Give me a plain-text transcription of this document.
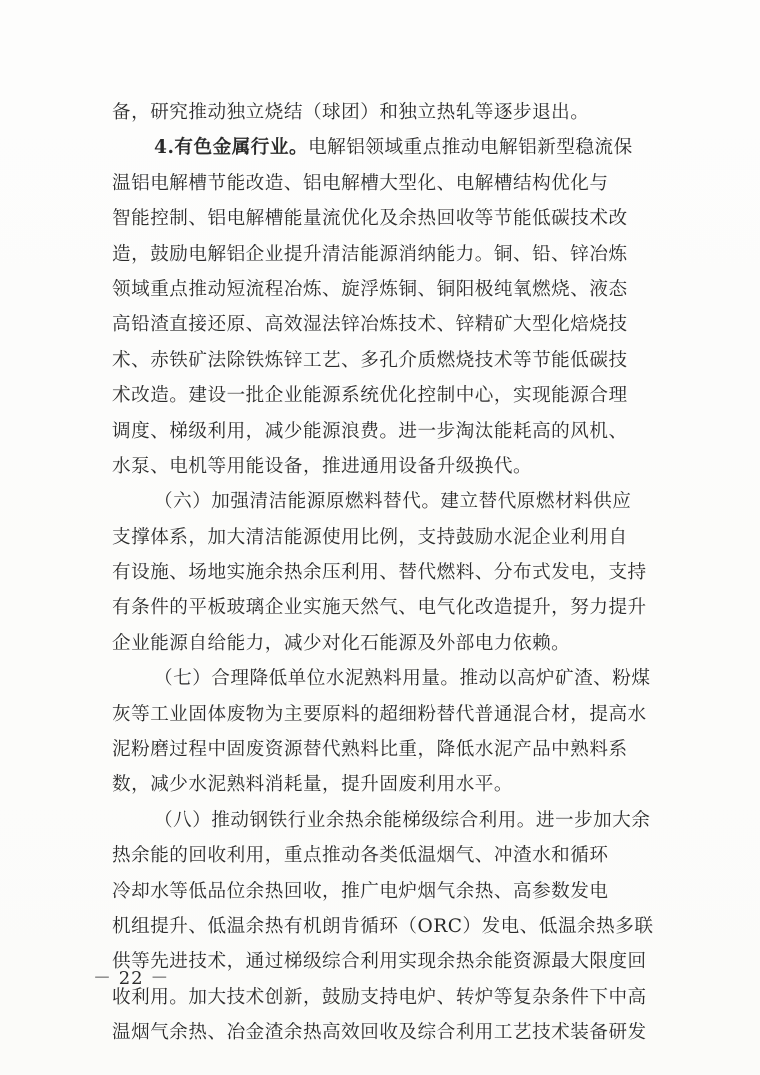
备，研究推动独立烧结（球团）和独立热轧等逐步退出。
4.有色金属行业。电解铝领域重点推动电解铝新型稳流保
温铝电解槽节能改造、铝电解槽大型化、电解槽结构优化与
智能控制、铝电解槽能量流优化及余热回收等节能低碳技术改
造，鼓励电解铝企业提升清洁能源消纳能力。铜、铅、锌冶炼
领域重点推动短流程冶炼、旋浮炼铜、铜阳极纯氧燃烧、液态
高铅渣直接还原、高效湿法锌冶炼技术、锌精矿大型化焙烧技
术、赤铁矿法除铁炼锌工艺、多孔介质燃烧技术等节能低碳技
术改造。建设一批企业能源系统优化控制中心，实现能源合理
调度、梯级利用，减少能源浪费。进一步淘汰能耗高的风机、
水泵、电机等用能设备，推进通用设备升级换代。
（六）加强清洁能源原燃料替代。建立替代原燃材料供应
支撑体系，加大清洁能源使用比例，支持鼓励水泥企业利用自
有设施、场地实施余热余压利用、替代燃料、分布式发电，支持
有条件的平板玻璃企业实施天然气、电气化改造提升，努力提升
企业能源自给能力，减少对化石能源及外部电力依赖。
（七）合理降低单位水泥熟料用量。推动以高炉矿渣、粉煤
灰等工业固体废物为主要原料的超细粉替代普通混合材，提高水
泥粉磨过程中固废资源替代熟料比重，降低水泥产品中熟料系
数，减少水泥熟料消耗量，提升固废利用水平。
（八）推动钢铁行业余热余能梯级综合利用。进一步加大余
热余能的回收利用，重点推动各类低温烟气、冲渣水和循环
冷却水等低品位余热回收，推广电炉烟气余热、高参数发电
机组提升、低温余热有机朗肯循环（ORC）发电、低温余热多联
供等先进技术，通过梯级综合利用实现余热余能资源最大限度回
收利用。加大技术创新，鼓励支持电炉、转炉等复杂条件下中高
温烟气余热、冶金渣余热高效回收及综合利用工艺技术装备研发
－ 22 －
